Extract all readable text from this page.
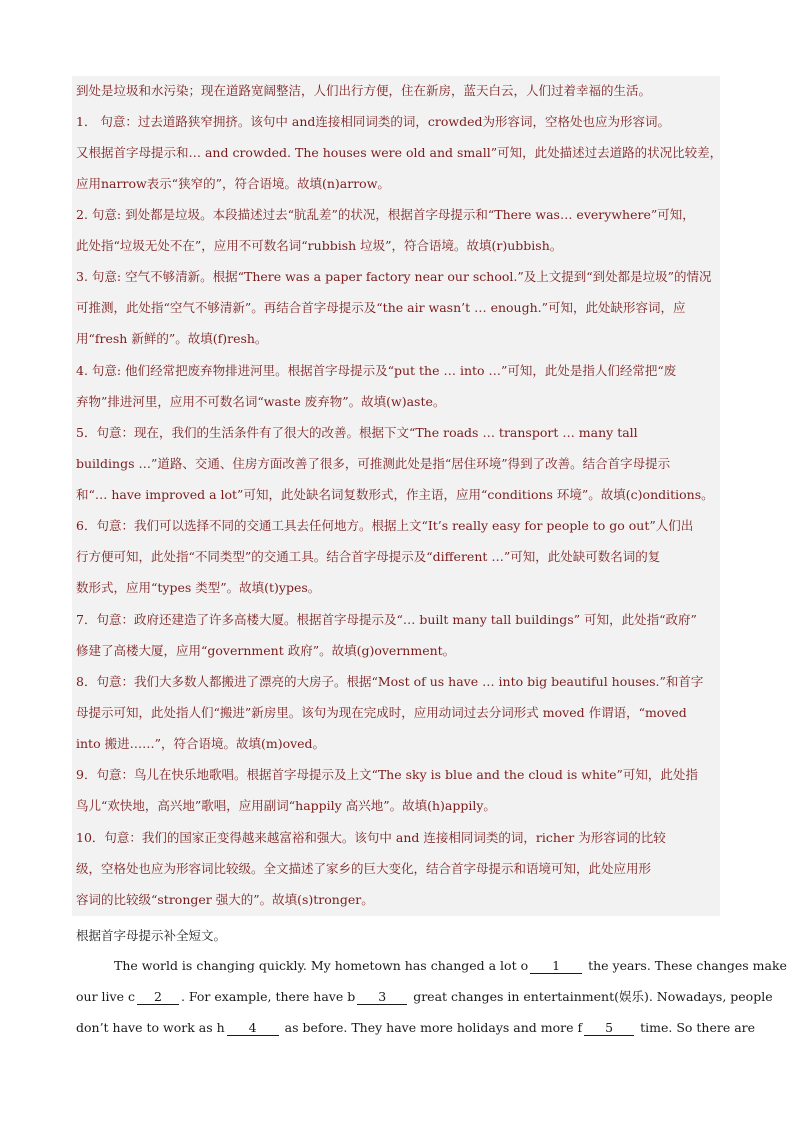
到处是垃圾和水污染；现在道路宽阔整洁，人们出行方便，住在新房，蓝天白云，人们过着幸福的生活。
1． 句意：过去道路狭窄拥挤。该句中 and连接相同词类的词，crowded为形容词，空格处也应为形容词。
又根据首字母提示和… and crowded. The houses were old and small”可知，此处描述过去道路的状况比较差，
应用narrow表示“狭窄的”，符合语境。故填(n)arrow。
2. 句意: 到处都是垃圾。本段描述过去“肮乱差”的状况，根据首字母提示和“There was… everywhere”可知，
此处指“垃圾无处不在”，应用不可数名词“rubbish 垃圾”，符合语境。故填(r)ubbish。
3. 句意: 空气不够清新。根据“There was a paper factory near our school.”及上文提到“到处都是垃圾”的情况
可推测，此处指“空气不够清新”。再结合首字母提示及“the air wasn’t … enough.”可知，此处缺形容词，应
用“fresh 新鲜的”。故填(f)resh。
4. 句意: 他们经常把废弃物排进河里。根据首字母提示及“put the … into …”可知，此处是指人们经常把“废
弃物”排进河里，应用不可数名词“waste 废弃物”。故填(w)aste。
5．句意：现在，我们的生活条件有了很大的改善。根据下文“The roads … transport … many tall
buildings …”道路、交通、住房方面改善了很多，可推测此处是指“居住环境”得到了改善。结合首字母提示
和“… have improved a lot”可知，此处缺名词复数形式，作主语，应用“conditions 环境”。故填(c)onditions。
6．句意：我们可以选择不同的交通工具去任何地方。根据上文“It’s really easy for people to go out”人们出
行方便可知，此处指“不同类型”的交通工具。结合首字母提示及“different …”可知，此处缺可数名词的复
数形式，应用“types 类型”。故填(t)ypes。
7．句意：政府还建造了许多高楼大厦。根据首字母提示及“… built many tall buildings” 可知，此处指“政府”
修建了高楼大厦，应用“government 政府”。故填(g)overnment。
8．句意：我们大多数人都搬进了漂亮的大房子。根据“Most of us have … into big beautiful houses.”和首字
母提示可知，此处指人们“搬进”新房里。该句为现在完成时，应用动词过去分词形式 moved 作谓语，“moved
into 搬进……”，符合语境。故填(m)oved。
9．句意：鸟儿在快乐地歌唱。根据首字母提示及上文“The sky is blue and the cloud is white”可知，此处指
鸟儿“欢快地，高兴地”歌唱，应用副词“happily 高兴地”。故填(h)appily。
10．句意：我们的国家正变得越来越富裕和强大。该句中 and 连接相同词类的词，richer 为形容词的比较
级，空格处也应为形容词比较级。全文描述了家乡的巨大变化，结合首字母提示和语境可知，此处应用形
容词的比较级“stronger 强大的”。故填(s)tronger。
根据首字母提示补全短文。
The world is changing quickly. My hometown has changed a lot o 1 the years. These changes make
our live c 2 . For example, there have b 3 great changes in entertainment(娱乐). Nowadays, people
don’t have to work as h 4 as before. They have more holidays and more f 5 time. So there are
